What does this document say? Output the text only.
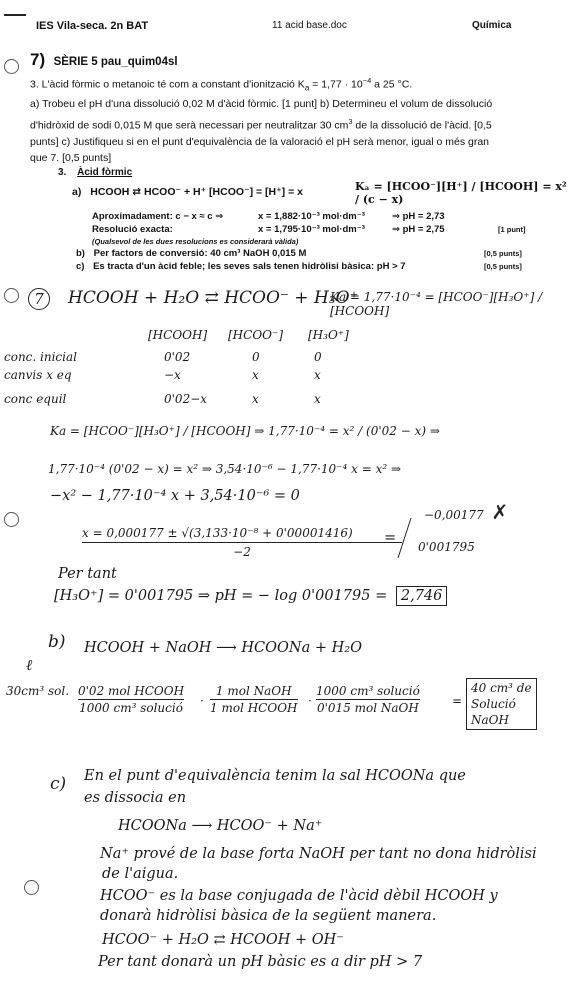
IES Vila-seca. 2n BAT	11 acid base.doc	Química
7) SÈRIE 5 pau_quim04sl
3. L'àcid fòrmic o metanoic té com a constant d'ionització $K_a = 1,77 \cdot 10^{-4}$ a 25 °C.
a) Trobeu el pH d'una dissolució 0,02 M d'àcid fòrmic. [1 punt] b) Determineu el volum de dissolució
d'hidròxid de sodi 0,015 M que serà necessari per neutralitzar 30 $cm^3$ de la dissolució de l'àcid. [0,5
punts] c) Justifiqueu si en el punt d'equivalència de la valoració el pH serà menor, igual o més gran
que 7. [0,5 punts]
3. Àcid fòrmic
a) HCOOH ⇄ HCOO⁻ + H⁺ [HCOO⁻] = [H⁺] = x	Kₐ = [HCOO⁻][H⁺] / [HCOOH] = x² / (c − x)
Aproximadament: c − x ≈ c ⇒	x = 1,882·10⁻³ mol·dm⁻³	⇒ pH = 2,73
Resolució exacta:	x = 1,795·10⁻³ mol·dm⁻³	⇒ pH = 2,75	[1 punt]
(Qualsevol de les dues resolucions es considerarà vàlida)
b) Per factors de conversió: 40 cm³ NaOH 0,015 M	[0,5 punts]
c) Es tracta d'un àcid feble; les seves sals tenen hidròlisi bàsica: pH > 7	[0,5 punts]
7	HCOOH + H₂O ⇄ HCOO⁻ + H₃O⁺
Ka = 1,77·10⁻⁴ = [HCOO⁻][H₃O⁺] / [HCOOH]
[HCOOH] [HCOO⁻] [H₃O⁺]
conc. inicial	0'02	0	0
canvis x eq	−x	x	x
conc equil	0'02−x	x	x
Ka = [HCOO⁻][H₃O⁺] / [HCOOH] ⇒ 1,77·10⁻⁴ = x² / (0'02 − x) ⇒
1,77·10⁻⁴ (0'02 − x) = x² ⇒ 3,54·10⁻⁶ − 1,77·10⁻⁴ x = x² ⇒
−x² − 1,77·10⁻⁴ x + 3,54·10⁻⁶ = 0
−0,00177 ✗
x = 0,000177 ± √(3,133·10⁻⁸ + 0'00001416)
−2
=
0'001795
Per tant
[H₃O⁺] = 0'001795 ⇒ pH = − log 0'001795 = 2,746
b) HCOOH + NaOH ⟶ HCOONa + H₂O
ℓ
30cm³ sol. 0'02 mol HCOOH
1000 cm³ solució ·
1 mol NaOH
1 mol HCOOH ·
1000 cm³ solució
0'015 mol NaOH	=
40 cm³ de
Solució
NaOH
c) En el punt d'equivalència tenim la sal HCOONa que
es dissocia en
HCOONa ⟶ HCOO⁻ + Na⁺
Na⁺ prové de la base forta NaOH per tant no dona hidròlisi
de l'aigua.
HCOO⁻ es la base conjugada de l'àcid dèbil HCOOH y
donarà hidròlisi bàsica de la següent manera.
HCOO⁻ + H₂O ⇄ HCOOH + OH⁻
Per tant donarà un pH bàsic es a dir pH > 7
